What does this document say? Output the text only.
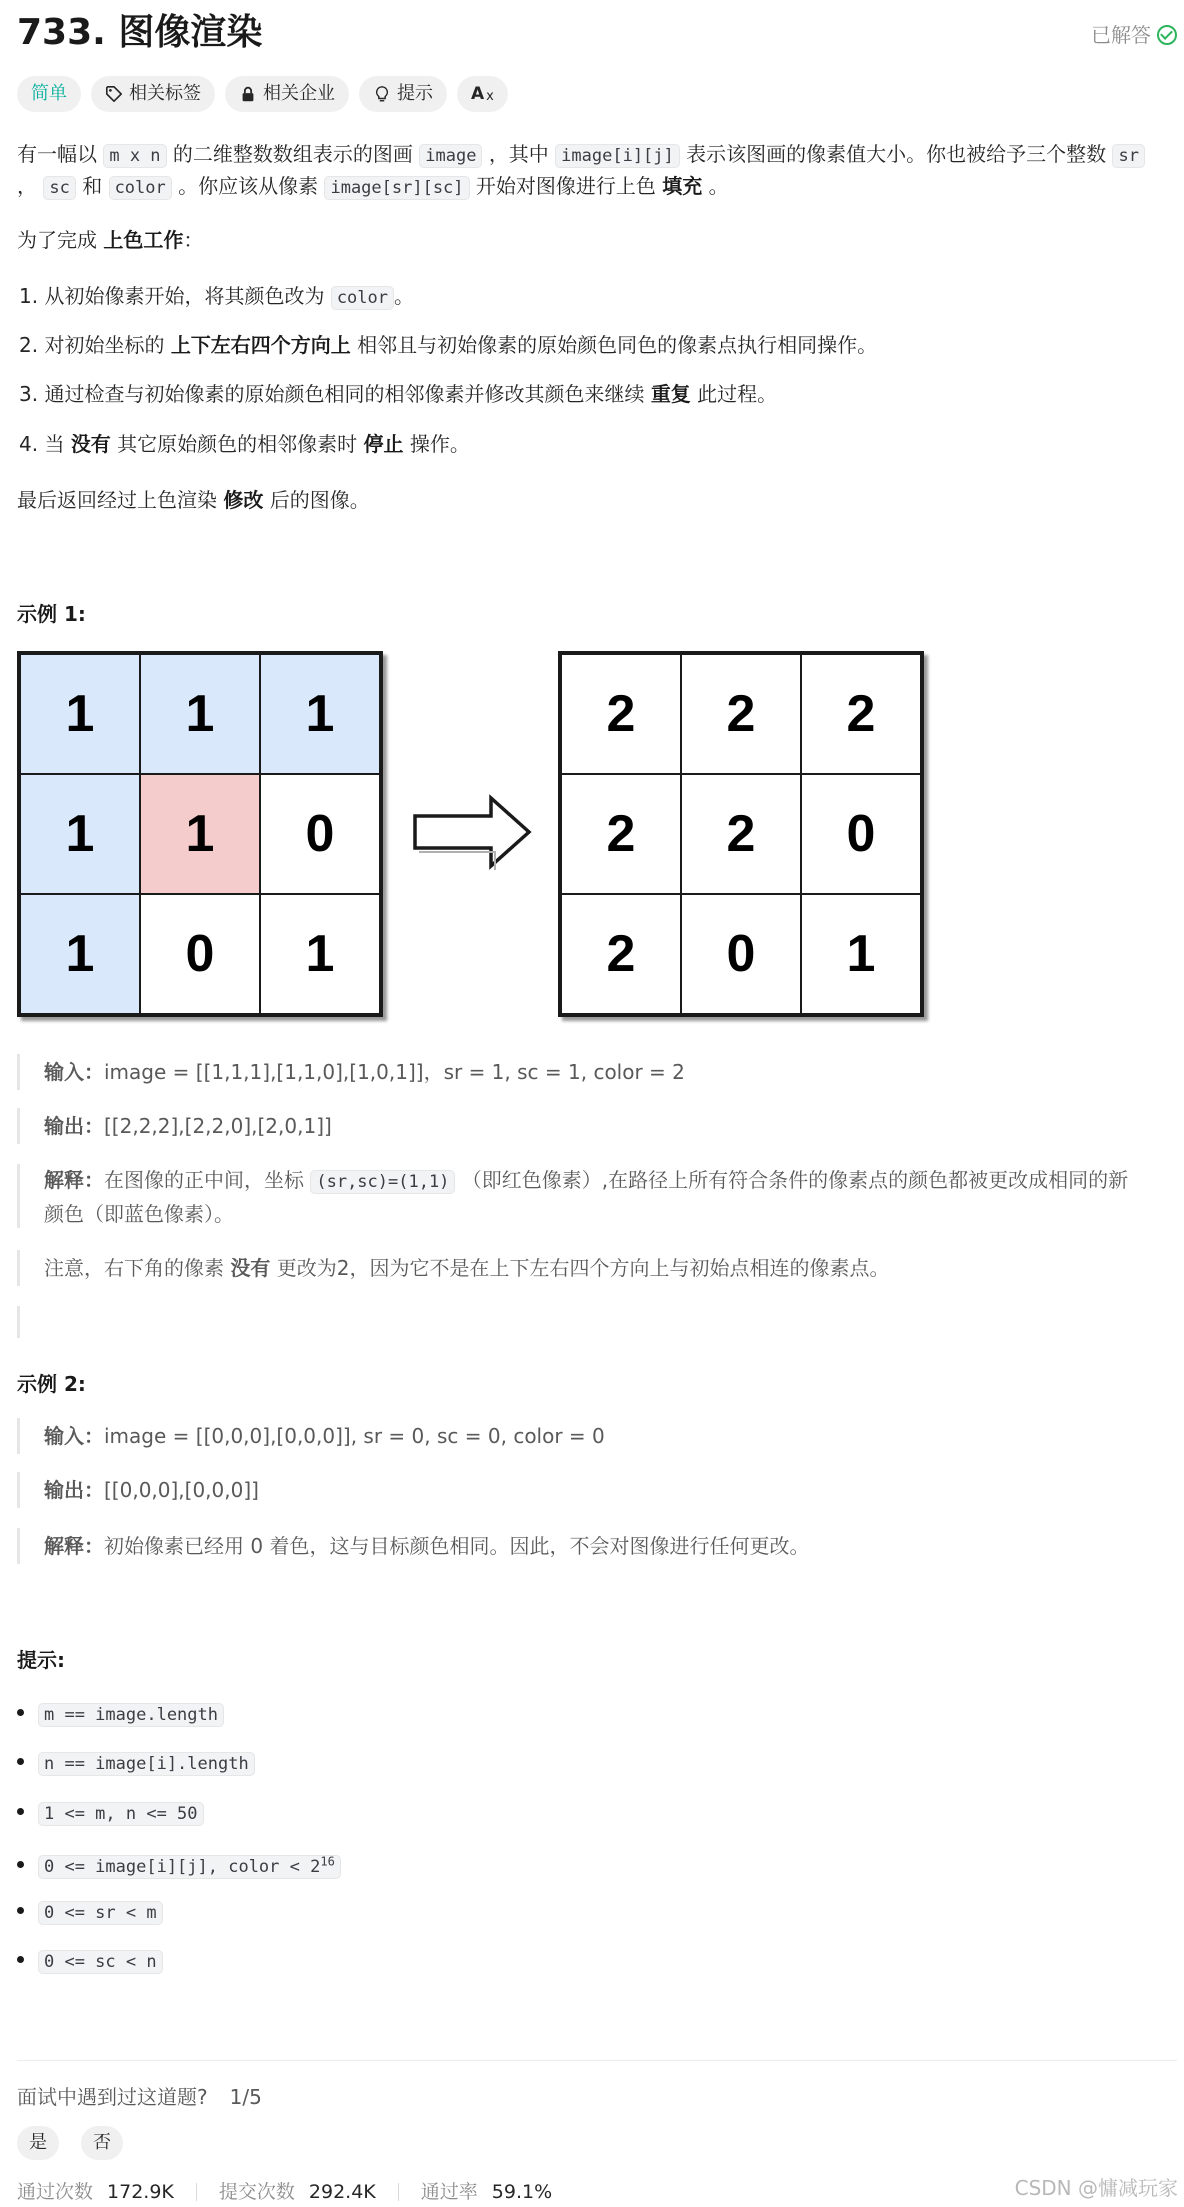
733. 图像渲染	已解答
简单	相关标签	相关企业	提示 A x
有一幅以 m x n 的二维整数数组表示的图画 image ，其中 image[i][j] 表示该图画的像素值大小。你也被给予三个整数 sr
， sc 和 color 。你应该从像素 image[sr][sc] 开始对图像进行上色 填充 。
为了完成 上色工作：
1. 从初始像素开始，将其颜色改为 color 。
2. 对初始坐标的 上下左右四个方向上 相邻且与初始像素的原始颜色同色的像素点执行相同操作。
3. 通过检查与初始像素的原始颜色相同的相邻像素并修改其颜色来继续 重复 此过程。
4. 当 没有 其它原始颜色的相邻像素时 停止 操作。
最后返回经过上色渲染 修改 后的图像。
示例 1:
1	1	1
1	1	0
1	0	1
2	2	2
2	2	0
2	0	1
输入：image = [[1,1,1],[1,1,0],[1,0,1]]，sr = 1, sc = 1, color = 2
输出：[[2,2,2],[2,2,0],[2,0,1]]
解释：在图像的正中间，坐标 (sr,sc)=(1,1) （即红色像素）,在路径上所有符合条件的像素点的颜色都被更改成相同的新
颜色（即蓝色像素）。
注意，右下角的像素 没有 更改为2，因为它不是在上下左右四个方向上与初始点相连的像素点。
示例 2:
输入：image = [[0,0,0],[0,0,0]], sr = 0, sc = 0, color = 0
输出：[[0,0,0],[0,0,0]]
解释：初始像素已经用 0 着色，这与目标颜色相同。因此，不会对图像进行任何更改。
提示:
m == image.length
n == image[i].length
1 <= m, n <= 50
0 <= image[i][j], color < $2^{16}$
0 <= sr < m
0 <= sc < n
面试中遇到过这道题? 1/5
是	否
通过次数 172.9K 提交次数 292.4K 通过率 59.1%	CSDN @慵减玩家
